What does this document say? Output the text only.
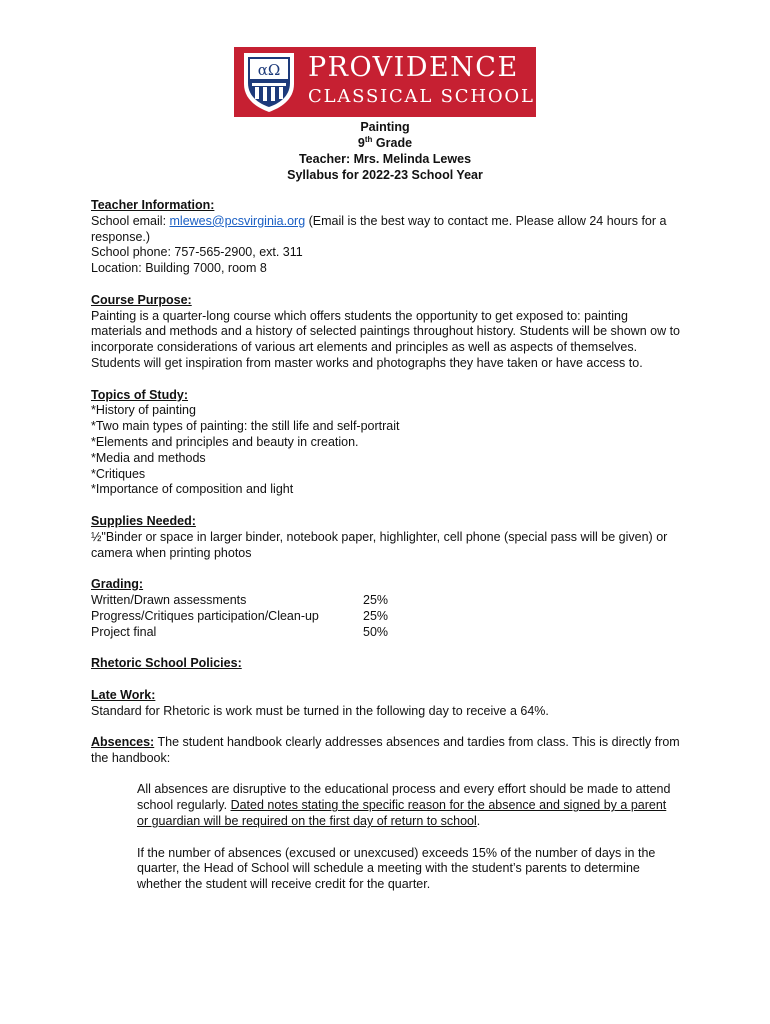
αΩ PROVIDENCE
CLASSICAL SCHOOL
Painting
9th Grade
Teacher: Mrs. Melinda Lewes
Syllabus for 2022-23 School Year
Teacher Information:
School email: mlewes@pcsvirginia.org (Email is the best way to contact me. Please allow 24 hours for a response.)
School phone: 757-565-2900, ext. 311
Location: Building 7000, room 8
Course Purpose:
Painting is a quarter-long course which offers students the opportunity to get exposed to: painting materials and methods and a history of selected paintings throughout history. Students will be shown ow to incorporate considerations of various art elements and principles as well as aspects of themselves. Students will get inspiration from master works and photographs they have taken or have access to.
Topics of Study:
*History of painting
*Two main types of painting: the still life and self-portrait
*Elements and principles and beauty in creation.
*Media and methods
*Critiques
*Importance of composition and light
Supplies Needed:
½"Binder or space in larger binder, notebook paper, highlighter, cell phone (special pass will be given) or camera when printing photos
Grading:
Written/Drawn assessments	25%
Progress/Critiques participation/Clean-up	25%
Project final	50%
Rhetoric School Policies:
Late Work:
Standard for Rhetoric is work must be turned in the following day to receive a 64%.
Absences: The student handbook clearly addresses absences and tardies from class. This is directly from the handbook:

All absences are disruptive to the educational process and every effort should be made to attend school regularly. Dated notes stating the specific reason for the absence and signed by a parent or guardian will be required on the first day of return to school.

If the number of absences (excused or unexcused) exceeds 15% of the number of days in the quarter, the Head of School will schedule a meeting with the student’s parents to determine whether the student will receive credit for the quarter.
